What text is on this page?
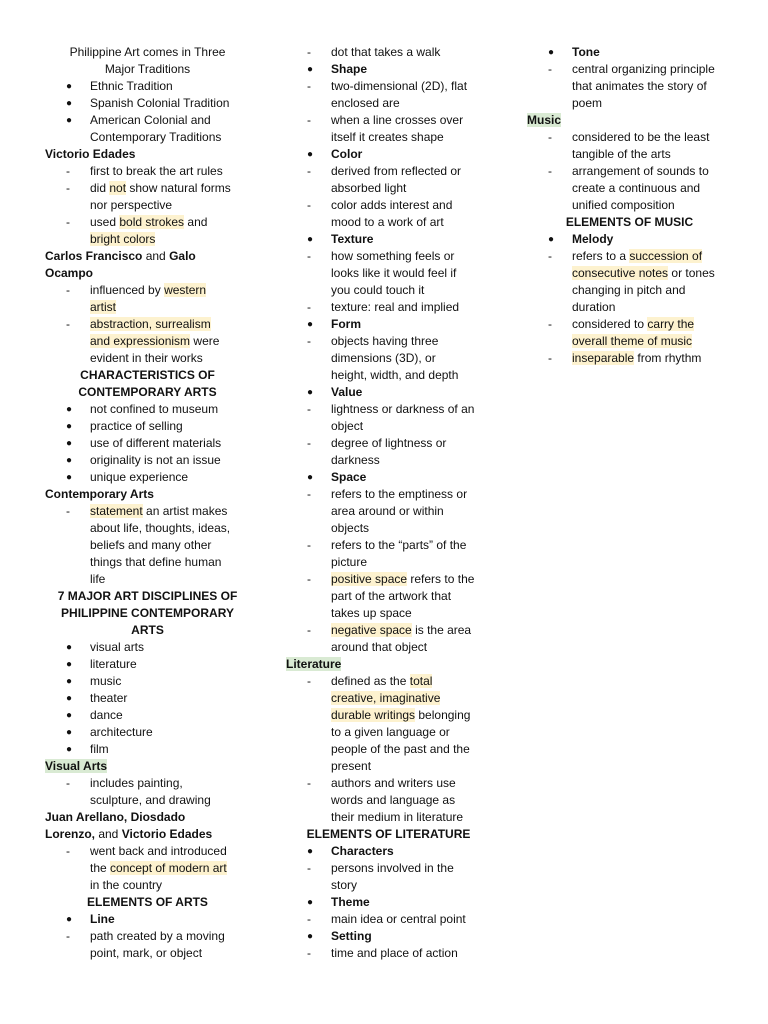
Philippine Art comes in Three
Major Traditions
● Ethnic Tradition
● Spanish Colonial Tradition
● American Colonial and
Contemporary Traditions
Victorio Edades
- first to break the art rules
- did not show natural forms
nor perspective
- used bold strokes and
bright colors
Carlos Francisco and Galo
Ocampo
- influenced by western
artist
- abstraction, surrealism
and expressionism were
evident in their works
CHARACTERISTICS OF
CONTEMPORARY ARTS
● not confined to museum
● practice of selling
● use of different materials
● originality is not an issue
● unique experience
Contemporary Arts
- statement an artist makes
about life, thoughts, ideas,
beliefs and many other
things that define human
life
7 MAJOR ART DISCIPLINES OF
PHILIPPINE CONTEMPORARY
ARTS
● visual arts
● literature
● music
● theater
● dance
● architecture
● film
Visual Arts
- includes painting,
sculpture, and drawing
Juan Arellano, Diosdado
Lorenzo, and Victorio Edades
- went back and introduced
the concept of modern art
in the country
ELEMENTS OF ARTS
● Line
- path created by a moving
point, mark, or object
- dot that takes a walk
● Shape
- two-dimensional (2D), flat
enclosed are
- when a line crosses over
itself it creates shape
● Color
- derived from reflected or
absorbed light
- color adds interest and
mood to a work of art
● Texture
- how something feels or
looks like it would feel if
you could touch it
- texture: real and implied
● Form
- objects having three
dimensions (3D), or
height, width, and depth
● Value
- lightness or darkness of an
object
- degree of lightness or
darkness
● Space
- refers to the emptiness or
area around or within
objects
- refers to the “parts” of the
picture
- positive space refers to the
part of the artwork that
takes up space
- negative space is the area
around that object
Literature
- defined as the total
creative, imaginative
durable writings belonging
to a given language or
people of the past and the
present
- authors and writers use
words and language as
their medium in literature
ELEMENTS OF LITERATURE
● Characters
- persons involved in the
story
● Theme
- main idea or central point
● Setting
- time and place of action
● Tone
- central organizing principle
that animates the story of
poem
Music
- considered to be the least
tangible of the arts
- arrangement of sounds to
create a continuous and
unified composition
ELEMENTS OF MUSIC
● Melody
- refers to a succession of
consecutive notes or tones
changing in pitch and
duration
- considered to carry the
overall theme of music
- inseparable from rhythm
